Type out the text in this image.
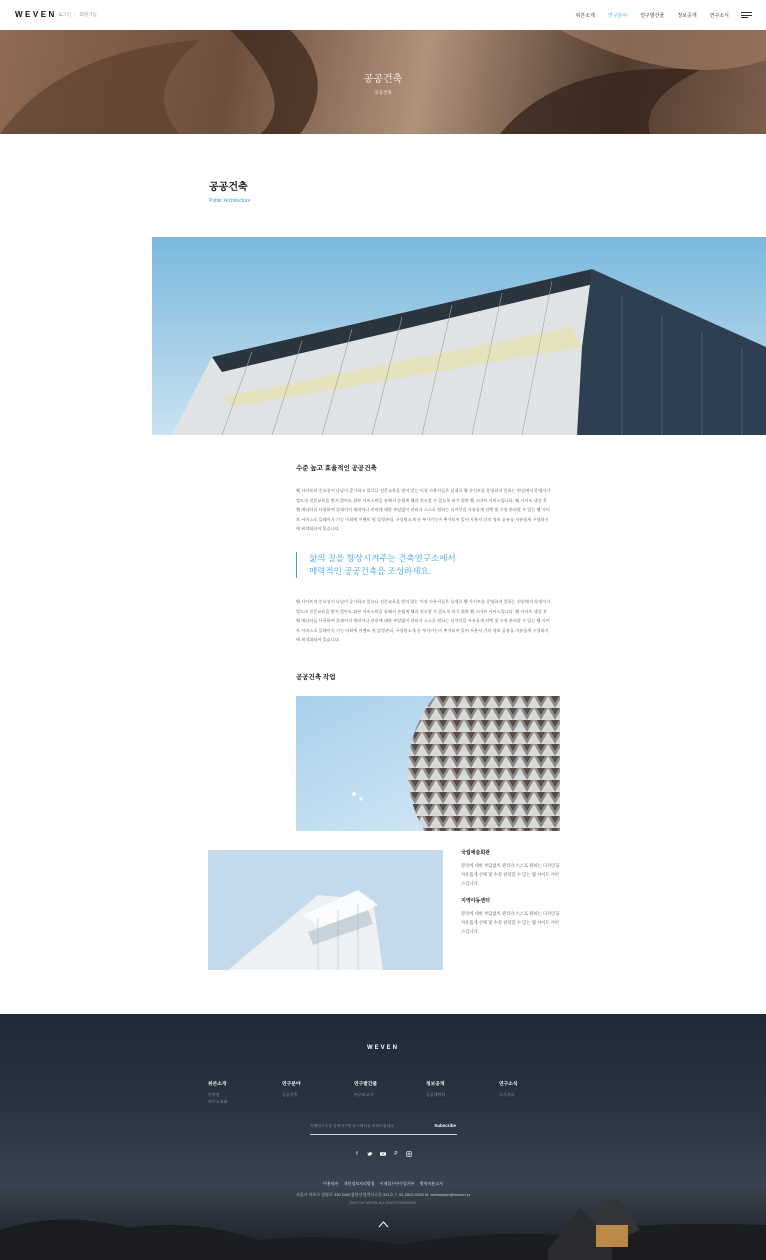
WEVEN 로그인 | 회원가입	위븐소개	연구분야	연구발간물	정보공개	연구소식
공공건축
공공건축
공공건축
Public Architecture
수준 높고 효율적인 공공건축
웹 사이트의 중요성이 나날이 증가하고 있으나 전문교육을 받지 않는 이상 사용자들은 실제로 웹 사이트를 운영하지 못하는 현실에서 운영자가 별도의 전문교육을 받지 않아도 위븐 서비스만을 통해서 손쉽게 웹과 친숙할 수 있도록 하기 위한 웹 스마트 서비스입니다. 웹 사이트 생성 후 웹 에디터를 사용하여 플래이지 제작이나 관리에 대한 부담없이 관리자 스스로 원하는 디자인을 자유롭게 선택 및 수정 관리할 수 있는 웹 사이트 서비스로 플레이지 기능 이외에 이벤트 및 일정관리, 구성원소개 등 부가기능이 추가되어 있어 사용자 간의 정보 공유를 자유롭게 구성하기에 최적화되어 있습니다.
삶의 질을 향상시켜주는 건축연구소에서
매력적인 공공건축을 조성하세요.
웹 사이트의 중요성이 나날이 증가하고 있으나 전문교육을 받지 않는 이상 사용자들은 실제로 웹 사이트를 운영하지 못하는 현실에서 운영자가 별도의 전문교육을 받지 않아도 위븐 서비스만을 통해서 손쉽게 웹과 친숙할 수 있도록 하기 위한 웹 스마트 서비스입니다. 웹 사이트 생성 후 웹 에디터를 사용하여 플래이지 제작이나 관리에 대한 부담없이 관리자 스스로 원하는 디자인을 자유롭게 선택 및 수정 관리할 수 있는 웹 사이트 서비스로 플레이지 기능 이외에 이벤트 및 일정관리, 구성원소개 등 부가기능이 추가되어 있어 사용자 간의 정보 공유를 자유롭게 구성하기에 최적화되어 있습니다.
공공건축 작업
국립예술회관
관리에 대한 부담없이 관리자 스스로 원하는 디자인을 자유롭게 선택 및 수정 관리할 수 있는 웹 사이트 서비스입니다.
지역아동센터
관리에 대한 부담없이 관리자 스스로 원하는 디자인을 자유롭게 선택 및 수정 관리할 수 있는 웹 사이트 서비스입니다.
WEVEN
위븐소개
인사말
연구소조화
연구분야
공공건축
연구발간물
연구보고서
정보공개
공공데이터
연구소식
소식자료
이메일주소를 입력하시면 뉴스레터를 보내드립니다.
Subscribe
f	P
이용약관 개인정보처리방침 이메일무단수집거부 영역이용고지
서울시 마포구 성암로 330 DMC첨단산업센터 C동 321호 T. 02-2602-9330 M. webmaster@weven.kr
2022 © BY WEVEN. ALL RIGHTS RESERVED.
